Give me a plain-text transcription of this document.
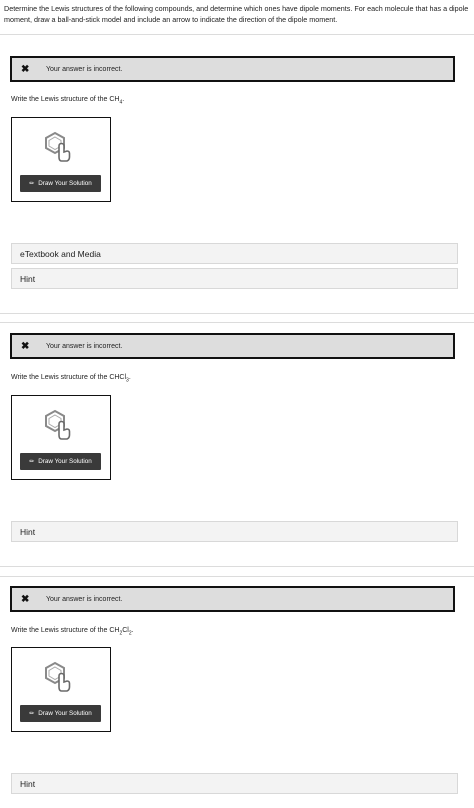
Determine the Lewis structures of the following compounds, and determine which ones have dipole moments. For each molecule that has a dipole moment, draw a ball-and-stick model and include an arrow to indicate the direction of the dipole moment.
✖	Your answer is incorrect.
Write the Lewis structure of the $CH_4$.
✏ Draw Your Solution
eTextbook and Media
Hint
✖	Your answer is incorrect.
Write the Lewis structure of the CHCl$_3$.
✏ Draw Your Solution
Hint
✖	Your answer is incorrect.
Write the Lewis structure of the $CH_2Cl_2$.
✏ Draw Your Solution
Hint
